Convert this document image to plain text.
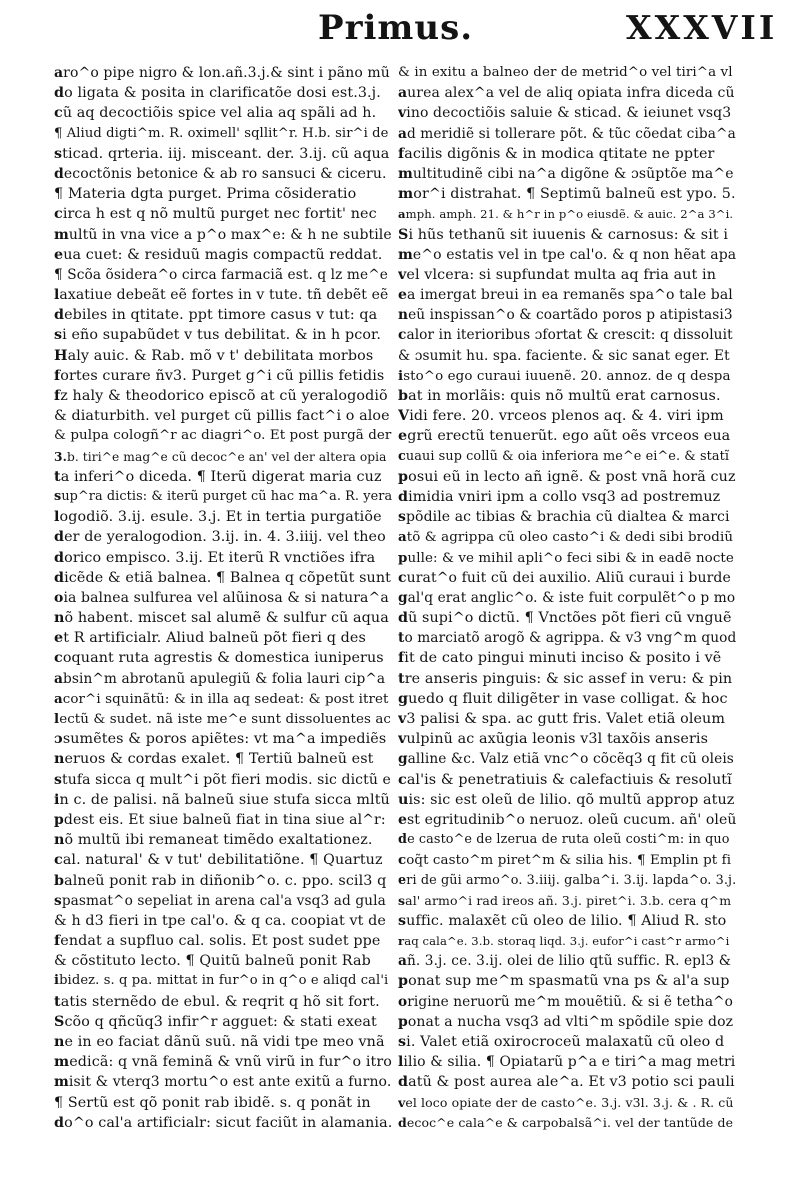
Primus.	XXXVII
aro^o pipe nigro & lon.añ.3.j.& sint i pãno mũ
do ligata & posita in clarificatõe dosi est.3.j.
cũ aq decoctiõis spice vel alia aq spãli ad h.
¶ Aliud digti^m. R. oximell' sqllit^r. H.b. sir^i de
sticad. qrteria. iij. misceant. der. 3.ij. cũ aqua
decoctõnis betonice & ab ro sansuci & ciceru.
¶ Materia dgta purget. Prima cõsideratio
circa h est q nõ multũ purget nec fortit' nec
multũ in vna vice a p^o max^e: & h ne subtile
eua cuet: & residuũ magis compactũ reddat.
¶ Scõa õsidera^o circa farmaciã est. q lz me^e
laxatiue debeãt eẽ fortes in v tute. tñ debẽt eẽ
debiles in qtitate. ppt timore casus v tut: qa
si eño supabũdet v tus debilitat. & in h pcor.
Haly auic. & Rab. mõ v t' debilitata morbos
fortes curare ñv3. Purget g^i cũ pillis fetidis
fz haly & theodorico episcõ at cũ yeralogodiõ
& diaturbith. vel purget cũ pillis fact^i o aloe
& pulpa cologñ^r ac diagri^o. Et post purgã der
3.b. tiri^e mag^e cũ decoc^e an' vel der altera opia
ta inferi^o diceda. ¶ Iterũ digerat maria cuz
sup^ra dictis: & iterũ purget cũ hac ma^a. R. yera
logodiõ. 3.ij. esule. 3.j. Et in tertia purgatiõe
der de yeralogodion. 3.ij. in. 4. 3.iiij. vel theo
dorico empisco. 3.ij. Et iterũ R vnctiões ifra
dicẽde & etiã balnea. ¶ Balnea q cõpetũt sunt
oia balnea sulfurea vel alũinosa & si natura^a
nõ habent. miscet sal alumẽ & sulfur cũ aqua
et R artificialr. Aliud balneũ põt fieri q des
coquant ruta agrestis & domestica iuniperus
absin^m abrotanũ apulegiũ & folia lauri cip^a
acor^i squinãtũ: & in illa aq sedeat: & post itret
lectũ & sudet. nã iste me^e sunt dissoluentes ac
ɔsumẽtes & poros apiẽtes: vt ma^a impediẽs
neruos & cordas exalet. ¶ Tertiũ balneũ est
stufa sicca q mult^i põt fieri modis. sic dictũ e
in c. de palisi. nã balneũ siue stufa sicca mltũ
pdest eis. Et siue balneũ fiat in tina siue al^r:
nõ multũ ibi remaneat timẽdo exaltationez.
cal. natural' & v tut' debilitatiõne. ¶ Quartuz
balneũ ponit rab in diñonib^o. c. ppo. scil3 q
spasmat^o sepeliat in arena cal'a vsq3 ad gula
& h d3 fieri in tpe cal'o. & q ca. coopiat vt de
fendat a supfluo cal. solis. Et post sudet ppe
& cõstituto lecto. ¶ Quitũ balneũ ponit Rab
ibidez. s. q pa. mittat in fur^o in q^o e aliqd cal'i
tatis sternẽdo de ebul. & reqrit q hõ sit fort.
Scõo q qñcũq3 infir^r agguet: & stati exeat
ne in eo faciat dãnũ suũ. nã vidi tpe meo vnã
medicã: q vnã feminã & vnũ virũ in fur^o itro
misit & vterq3 mortu^o est ante exitũ a furno.
¶ Sertũ est qõ ponit rab ibidẽ. s. q ponãt in
do^o cal'a artificialr: sicut faciũt in alamania.
& in exitu a balneo der de metrid^o vel tiri^a vl
aurea alex^a vel de aliq opiata infra diceda cũ
vino decoctiõis saluie & sticad. & ieiunet vsq3
ad meridiẽ si tollerare põt. & tũc cõedat ciba^a
facilis digõnis & in modica qtitate ne ppter
multitudinẽ cibi na^a digõne & ɔsũptõe ma^e
mor^i distrahat. ¶ Septimũ balneũ est ypo. 5.
amph. amph. 21. & h^r in p^o eiusdẽ. & auic. 2^a 3^i.
Si hũs tethanũ sit iuuenis & carnosus: & sit i
me^o estatis vel in tpe cal'o. & q non hẽat apa
vel vlcera: si supfundat multa aq fria aut in
ea imergat breui in ea remanẽs spa^o tale bal
neũ inspissan^o & coartãdo poros p atipistasi3
calor in iterioribus ɔfortat & crescit: q dissoluit
& ɔsumit hu. spa. faciente. & sic sanat eger. Et
isto^o ego curaui iuuenẽ. 20. annoz. de q despa
bat in morlãis: quis nõ multũ erat carnosus.
Vidi fere. 20. vrceos plenos aq. & 4. viri ipm
egrũ erectũ tenuerũt. ego aũt oẽs vrceos eua
cuaui sup collũ & oia inferiora me^e ei^e. & statĩ
posui eũ in lecto añ ignẽ. & post vnã horã cuz
dimidia vniri ipm a collo vsq3 ad postremuz
spõdile ac tibias & brachia cũ dialtea & marci
atõ & agrippa cũ oleo casto^i & dedi sibi brodiũ
pulle: & ve mihil apli^o feci sibi & in eadẽ nocte
curat^o fuit cũ dei auxilio. Aliũ curaui i burde
gal'q erat anglic^o. & iste fuit corpulẽt^o p mo
dũ supi^o dictũ. ¶ Vnctões põt fieri cũ vnguẽ
to marciatõ arogõ & agrippa. & v3 vng^m quod
fit de cato pingui minuti inciso & posito i vẽ
tre anseris pinguis: & sic assef in veru: & pin
guedo q fluit diligẽter in vase colligat. & hoc
v3 palisi & spa. ac gutt fris. Valet etiã oleum
vulpinũ ac axũgia leonis v3l taxõis anseris
galline &c. Valz etiã vnc^o cõcẽq3 q fit cũ oleis
cal'is & penetratiuis & calefactiuis & resolutĩ
uis: sic est oleũ de lilio. qõ multũ approp atuz
est egritudinib^o neruoz. oleũ cucum. añ' oleũ
de casto^e de lzerua de ruta oleũ costi^m: in quo
coq̃t casto^m piret^m & silia his. ¶ Emplin pt fi
eri de gũi armo^o. 3.iiij. galba^i. 3.ij. lapda^o. 3.j.
sal' armo^i rad ireos añ. 3.j. piret^i. 3.b. cera q^m
suffic. malaxẽt cũ oleo de lilio. ¶ Aliud R. sto
raq cala^e. 3.b. storaq liqd. 3.j. eufor^i cast^r armo^i
añ. 3.j. ce. 3.ij. olei de lilio qtũ suffic. R. epl3 &
ponat sup me^m spasmatũ vna ps & al'a sup
origine neruorũ me^m mouẽtiũ. & si ẽ tetha^o
ponat a nucha vsq3 ad vlti^m spõdile spie doz
si. Valet etiã oxirocroceũ malaxatũ cũ oleo d
lilio & silia. ¶ Opiatarũ p^a e tiri^a mag metri
datũ & post aurea ale^a. Et v3 potio sci pauli
vel loco opiate der de casto^e. 3.j. v3l. 3.j. & . R. cũ
decoc^e cala^e & carpobalsã^i. vel der tantũde de
